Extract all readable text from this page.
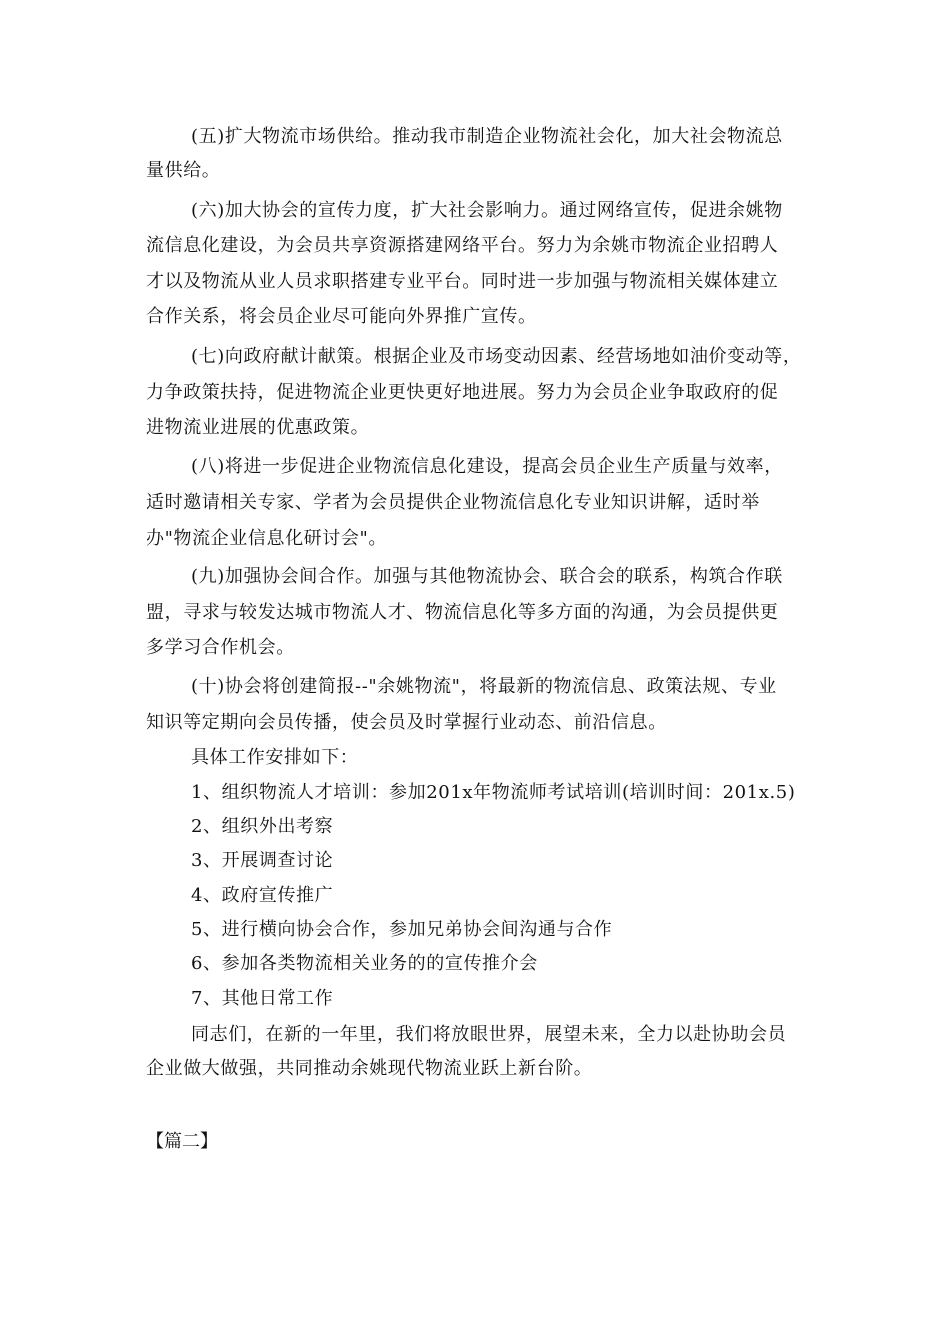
(五)扩大物流市场供给。推动我市制造企业物流社会化，加大社会物流总
量供给。
(六)加大协会的宣传力度，扩大社会影响力。通过网络宣传，促进余姚物
流信息化建设，为会员共享资源搭建网络平台。努力为余姚市物流企业招聘人
才以及物流从业人员求职搭建专业平台。同时进一步加强与物流相关媒体建立
合作关系，将会员企业尽可能向外界推广宣传。
(七)向政府献计献策。根据企业及市场变动因素、经营场地如油价变动等，
力争政策扶持，促进物流企业更快更好地进展。努力为会员企业争取政府的促
进物流业进展的优惠政策。
(八)将进一步促进企业物流信息化建设，提高会员企业生产质量与效率，
适时邀请相关专家、学者为会员提供企业物流信息化专业知识讲解，适时举
办"物流企业信息化研讨会"。
(九)加强协会间合作。加强与其他物流协会、联合会的联系，构筑合作联
盟，寻求与较发达城市物流人才、物流信息化等多方面的沟通，为会员提供更
多学习合作机会。
(十)协会将创建简报--"余姚物流"，将最新的物流信息、政策法规、专业
知识等定期向会员传播，使会员及时掌握行业动态、前沿信息。
具体工作安排如下：
1、组织物流人才培训：参加201x年物流师考试培训(培训时间：201x.5)
2、组织外出考察
3、开展调查讨论
4、政府宣传推广
5、进行横向协会合作，参加兄弟协会间沟通与合作
6、参加各类物流相关业务的的宣传推介会
7、其他日常工作
同志们，在新的一年里，我们将放眼世界，展望未来，全力以赴协助会员
企业做大做强，共同推动余姚现代物流业跃上新台阶。
【篇二】
